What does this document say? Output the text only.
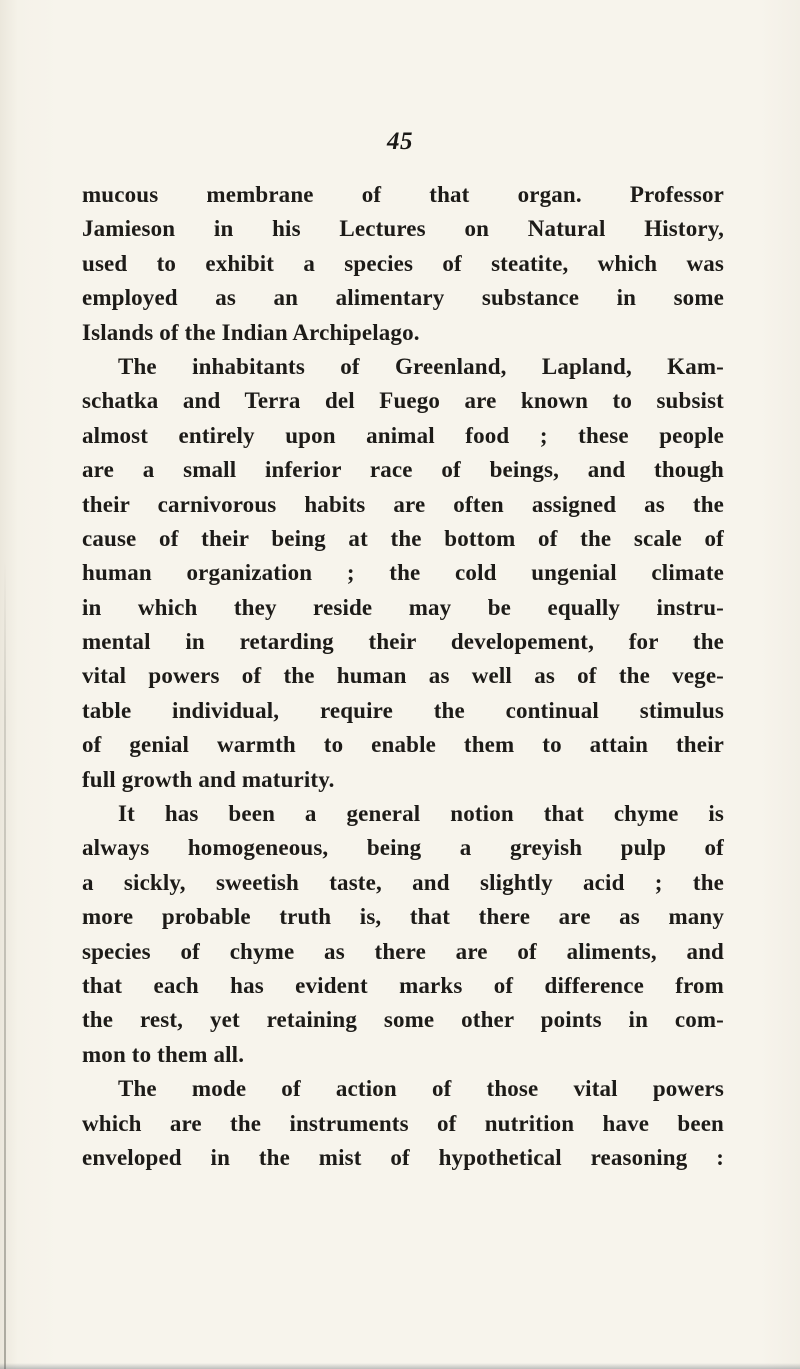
45
mucous membrane of that organ. Professor
Jamieson in his Lectures on Natural History,
used to exhibit a species of steatite, which was
employed as an alimentary substance in some
Islands of the Indian Archipelago.
The inhabitants of Greenland, Lapland, Kam-
schatka and Terra del Fuego are known to subsist
almost entirely upon animal food ; these people
are a small inferior race of beings, and though
their carnivorous habits are often assigned as the
cause of their being at the bottom of the scale of
human organization ; the cold ungenial climate
in which they reside may be equally instru-
mental in retarding their developement, for the
vital powers of the human as well as of the vege-
table individual, require the continual stimulus
of genial warmth to enable them to attain their
full growth and maturity.
It has been a general notion that chyme is
always homogeneous, being a greyish pulp of
a sickly, sweetish taste, and slightly acid ; the
more probable truth is, that there are as many
species of chyme as there are of aliments, and
that each has evident marks of difference from
the rest, yet retaining some other points in com-
mon to them all.
The mode of action of those vital powers
which are the instruments of nutrition have been
enveloped in the mist of hypothetical reasoning :
